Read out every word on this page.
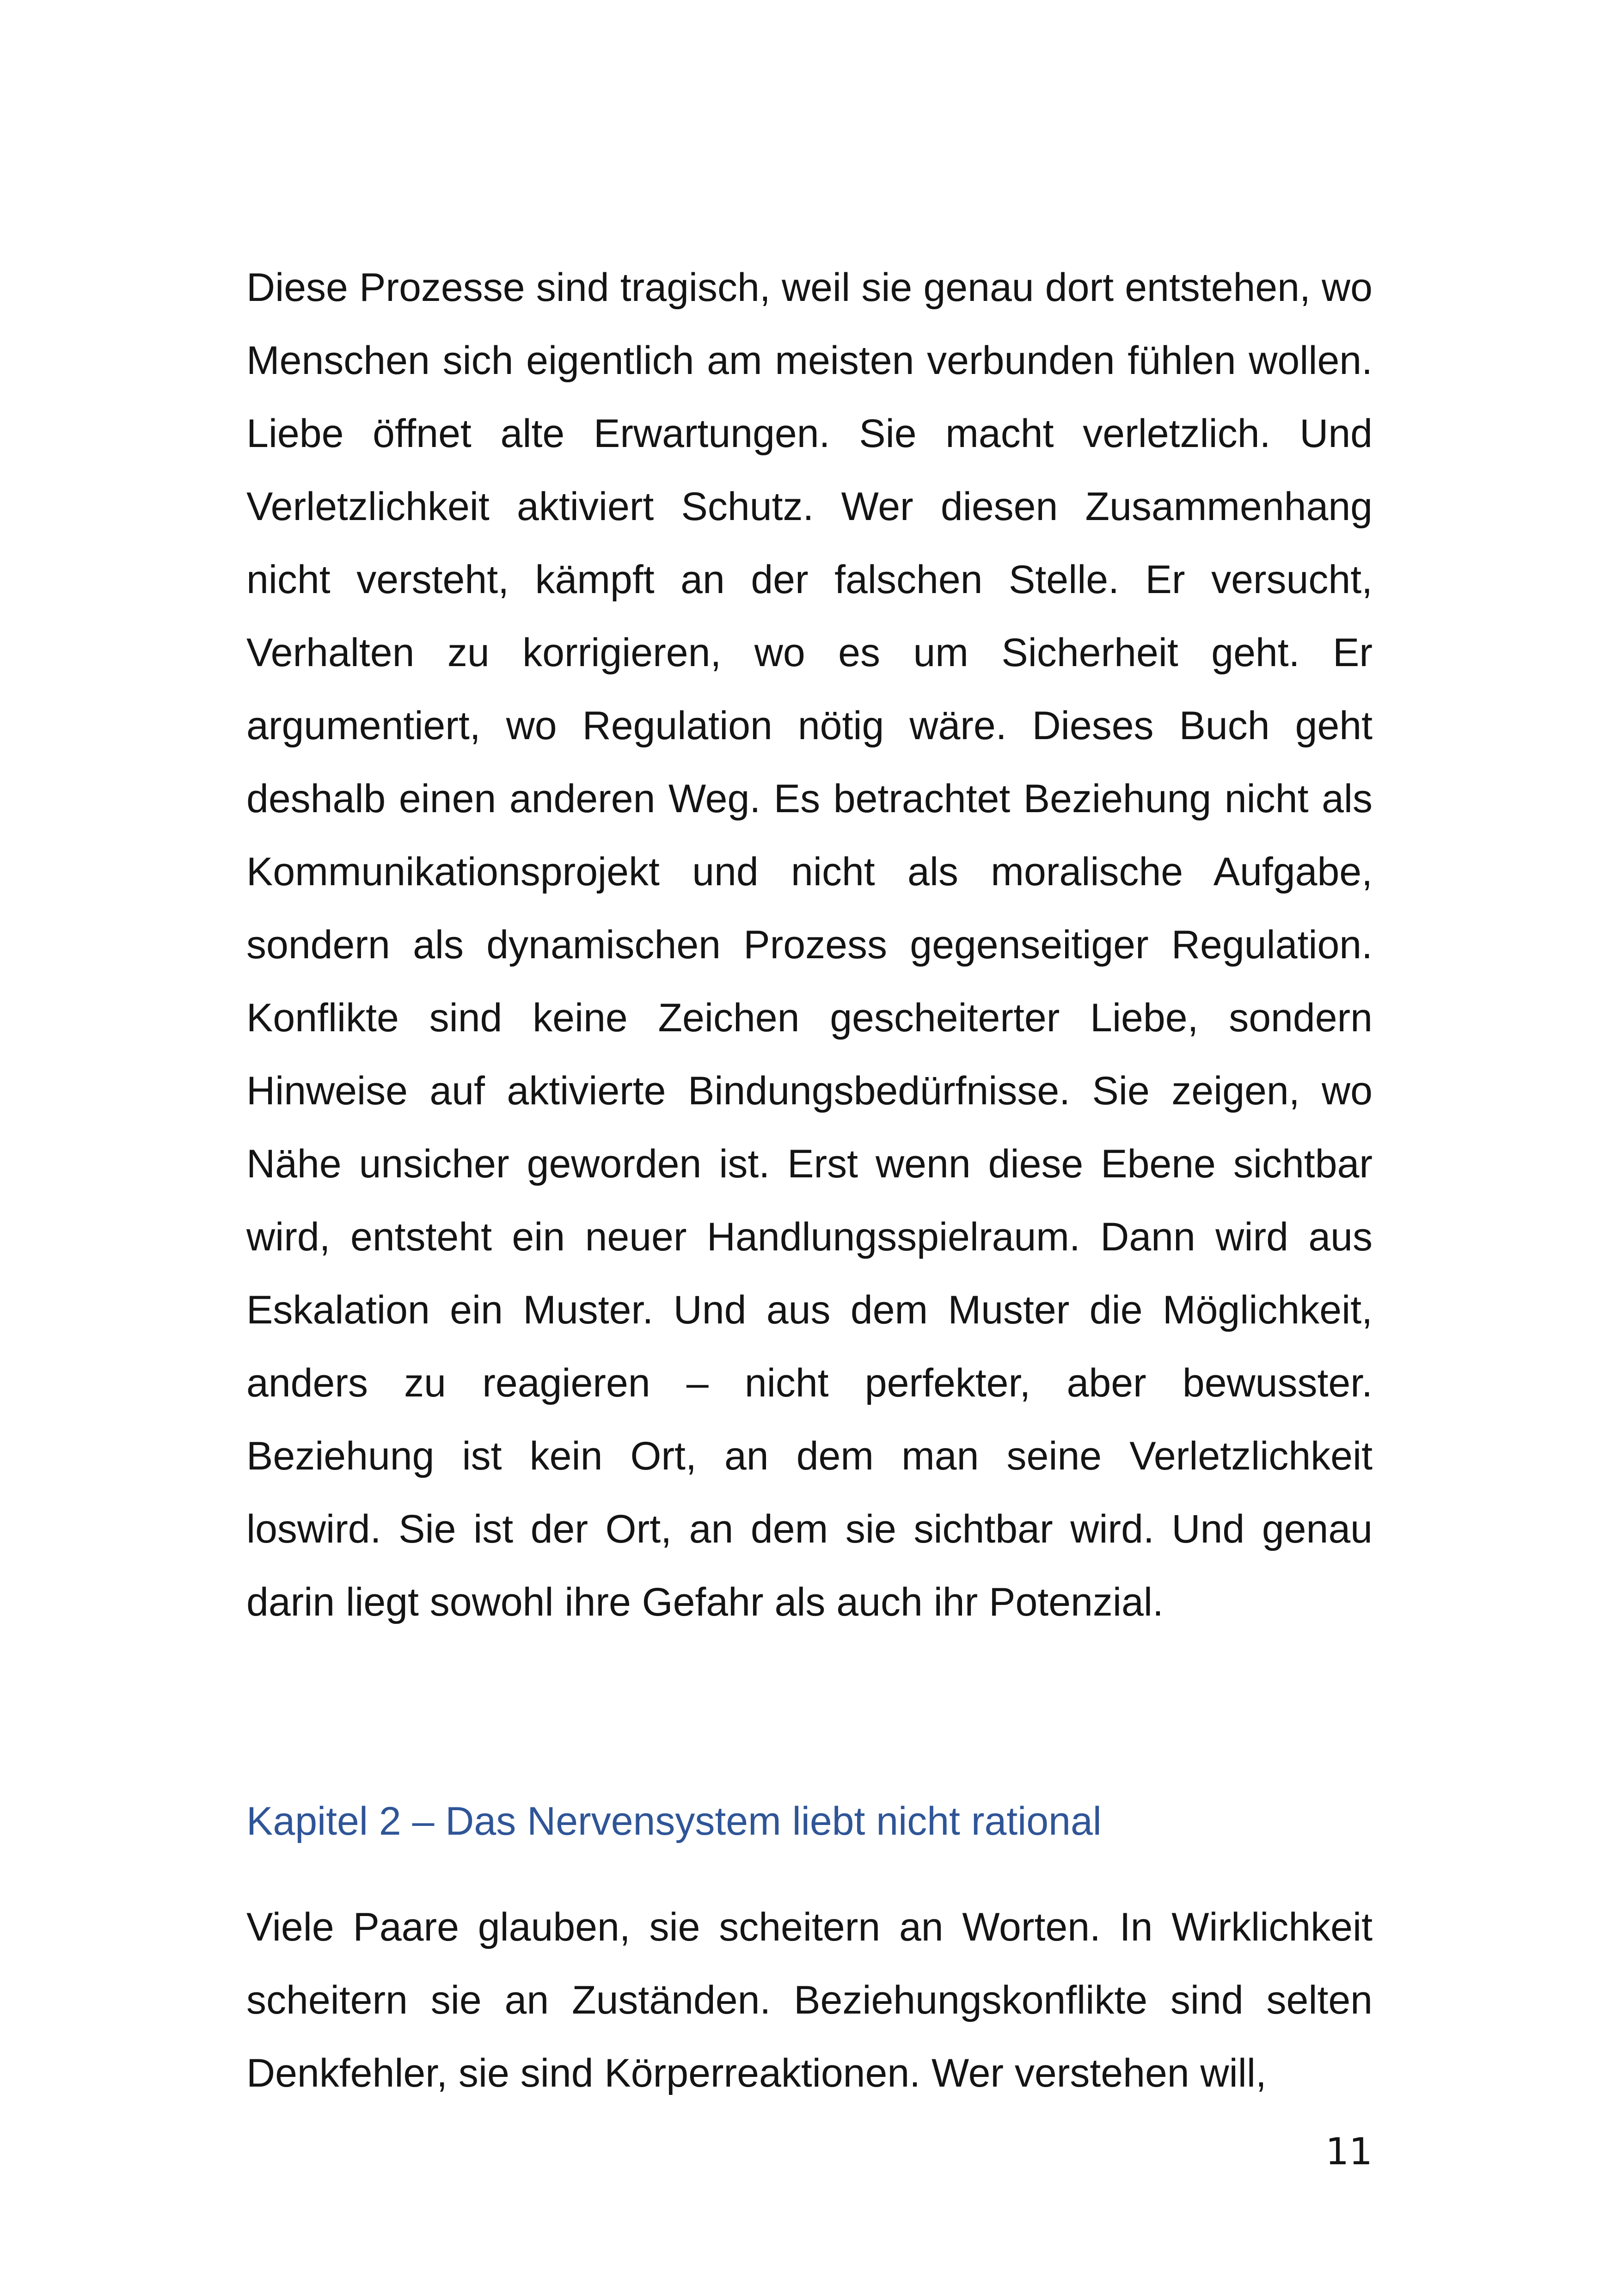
Diese Prozesse sind tragisch, weil sie genau dort entstehen, wo Menschen sich eigentlich am meisten verbunden fühlen wollen. Liebe öffnet alte Erwartungen. Sie macht verletzlich. Und Verletzlichkeit aktiviert Schutz. Wer diesen Zusammenhang nicht versteht, kämpft an der falschen Stelle. Er versucht, Verhalten zu korrigieren, wo es um Sicherheit geht. Er argumentiert, wo Regulation nötig wäre. Dieses Buch geht deshalb einen anderen Weg. Es betrachtet Beziehung nicht als Kommunikationsprojekt und nicht als moralische Aufgabe, sondern als dynamischen Prozess gegenseitiger Regulation. Konflikte sind keine Zeichen gescheiterter Liebe, sondern Hinweise auf aktivierte Bindungsbedürfnisse. Sie zeigen, wo Nähe unsicher geworden ist. Erst wenn diese Ebene sichtbar wird, entsteht ein neuer Handlungsspielraum. Dann wird aus Eskalation ein Muster. Und aus dem Muster die Möglichkeit, anders zu reagieren – nicht perfekter, aber bewusster. Beziehung ist kein Ort, an dem man seine Verletzlichkeit loswird. Sie ist der Ort, an dem sie sichtbar wird. Und genau darin liegt sowohl ihre Gefahr als auch ihr Potenzial.

Kapitel 2 – Das Nervensystem liebt nicht rational

Viele Paare glauben, sie scheitern an Worten. In Wirklichkeit scheitern sie an Zuständen. Beziehungskonflikte sind selten Denkfehler, sie sind Körperreaktionen. Wer verstehen will,

11
